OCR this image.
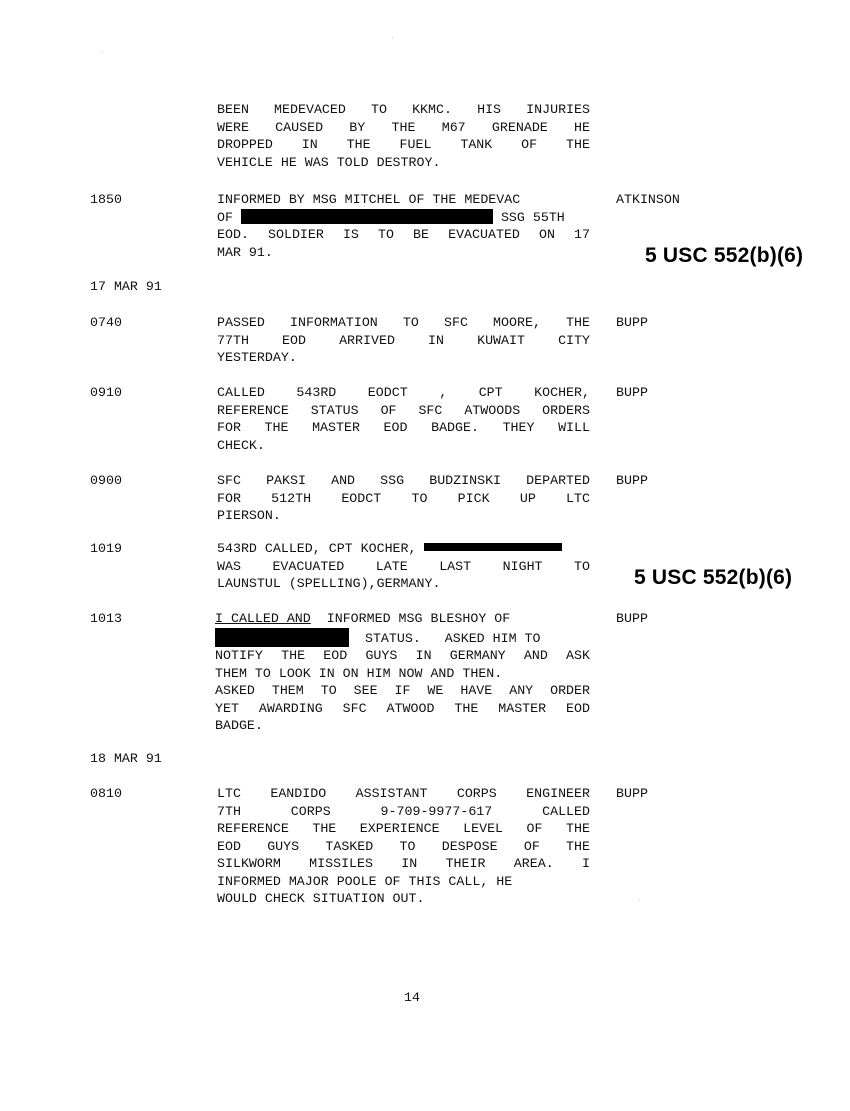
BEEN MEDEVACED TO KKMC. HIS INJURIES
WERE CAUSED BY THE M67 GRENADE HE
DROPPED IN THE FUEL TANK OF THE
VEHICLE HE WAS TOLD DESTROY.
1850	INFORMED BY MSG MITCHEL OF THE MEDEVAC
OF	SSG 55TH
EOD. SOLDIER IS TO BE EVACUATED ON 17
MAR 91.
ATKINSON
5 USC 552(b)(6)
17 MAR 91
0740	PASSED INFORMATION TO SFC MOORE, THE
77TH EOD ARRIVED IN KUWAIT CITY
YESTERDAY.
BUPP
0910	CALLED 543RD EODCT , CPT KOCHER,
REFERENCE STATUS OF SFC ATWOODS ORDERS
FOR THE MASTER EOD BADGE. THEY WILL
CHECK.
BUPP
0900	SFC PAKSI AND SSG BUDZINSKI DEPARTED
FOR 512TH EODCT TO PICK UP LTC
PIERSON.
BUPP
1019	543RD CALLED, CPT KOCHER,
WAS EVACUATED LATE LAST NIGHT TO
LAUNSTUL (SPELLING),GERMANY.	5 USC 552(b)(6)
1013	I CALLED AND INFORMED MSG BLESHOY OF
STATUS.   ASKED HIM TO
NOTIFY THE EOD GUYS IN GERMANY AND ASK
THEM TO LOOK IN ON HIM NOW AND THEN.
ASKED THEM TO SEE IF WE HAVE ANY ORDER
YET AWARDING SFC ATWOOD THE MASTER EOD
BADGE.
BUPP
18 MAR 91
0810	LTC EANDIDO ASSISTANT CORPS ENGINEER
7TH CORPS 9-709-9977-617 CALLED
REFERENCE THE EXPERIENCE LEVEL OF THE
EOD GUYS TASKED TO DESPOSE OF THE
SILKWORM MISSILES IN THEIR AREA. I
INFORMED MAJOR POOLE OF THIS CALL, HE
WOULD CHECK SITUATION OUT.
BUPP
14
